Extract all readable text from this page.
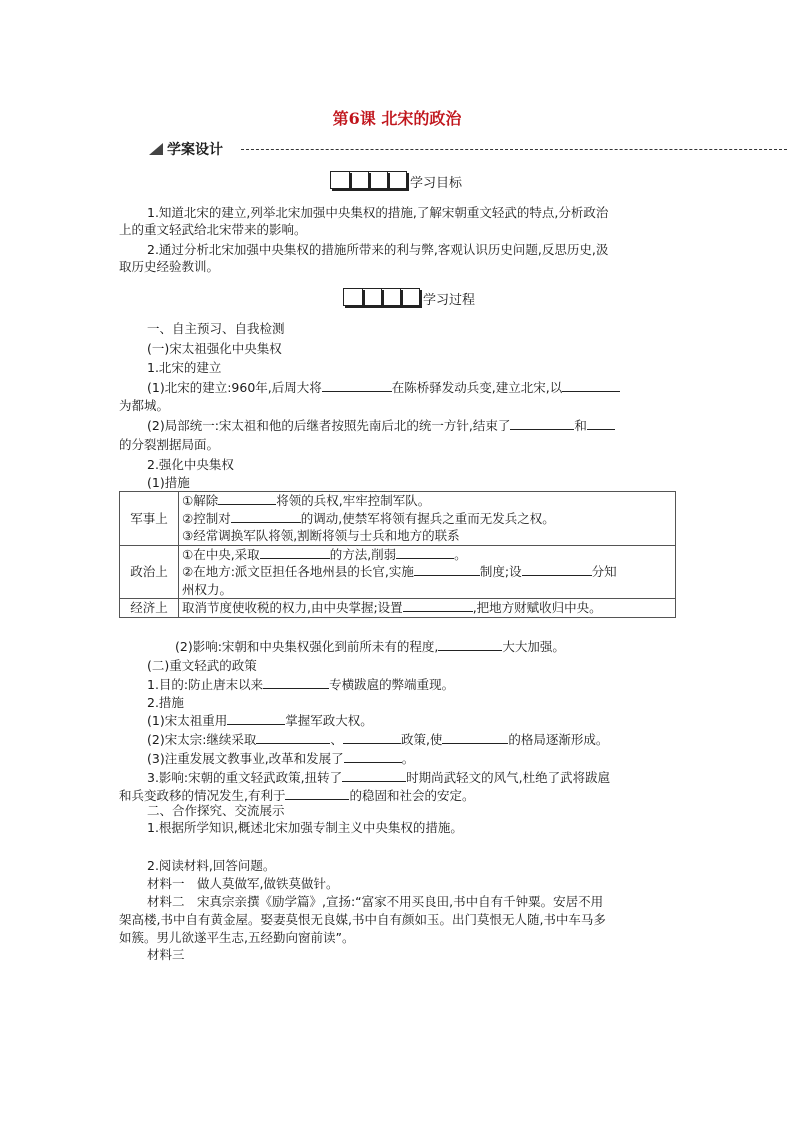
第6课 北宋的政治
学案设计
学习目标
1.知道北宋的建立,列举北宋加强中央集权的措施,了解宋朝重文轻武的特点,分析政治
上的重文轻武给北宋带来的影响。
2.通过分析北宋加强中央集权的措施所带来的利与弊,客观认识历史问题,反思历史,汲
取历史经验教训。
学习过程
一、自主预习、自我检测
(一)宋太祖强化中央集权
1.北宋的建立
(1)北宋的建立:960年,后周大将	在陈桥驿发动兵变,建立北宋,以
为都城。
(2)局部统一:宋太祖和他的后继者按照先南后北的统一方针,结束了	和
的分裂割据局面。
2.强化中央集权
(1)措施
军事上	①解除 将领的兵权,牢牢控制军队。
	②控制对 的调动,使禁军将领有握兵之重而无发兵之权。
	③经常调换军队将领,割断将领与士兵和地方的联系
政治上	①在中央,采取 的方法,削弱 。
	②在地方:派文臣担任各地州县的长官,实施 制度;设 分知
	州权力。
经济上	取消节度使收税的权力,由中央掌握;设置 ,把地方财赋收归中央。
(2)影响:宋朝和中央集权强化到前所未有的程度,	大大加强。
(二)重文轻武的政策
1.目的:防止唐末以来	专横跋扈的弊端重现。
2.措施
(1)宋太祖重用	掌握军政大权。
(2)宋太宗:继续采取	、	政策,使	的格局逐渐形成。
(3)注重发展文教事业,改革和发展了	。
3.影响:宋朝的重文轻武政策,扭转了	时期尚武轻文的风气,杜绝了武将跋扈
和兵变政移的情况发生,有利于	的稳固和社会的安定。
二、合作探究、交流展示
1.根据所学知识,概述北宋加强专制主义中央集权的措施。
2.阅读材料,回答问题。
材料一　做人莫做军,做铁莫做针。
材料二　宋真宗亲撰《励学篇》,宣扬:“富家不用买良田,书中自有千钟粟。安居不用
架高楼,书中自有黄金屋。娶妻莫恨无良媒,书中自有颜如玉。出门莫恨无人随,书中车马多
如簇。男儿欲遂平生志,五经勤向窗前读”。
材料三
